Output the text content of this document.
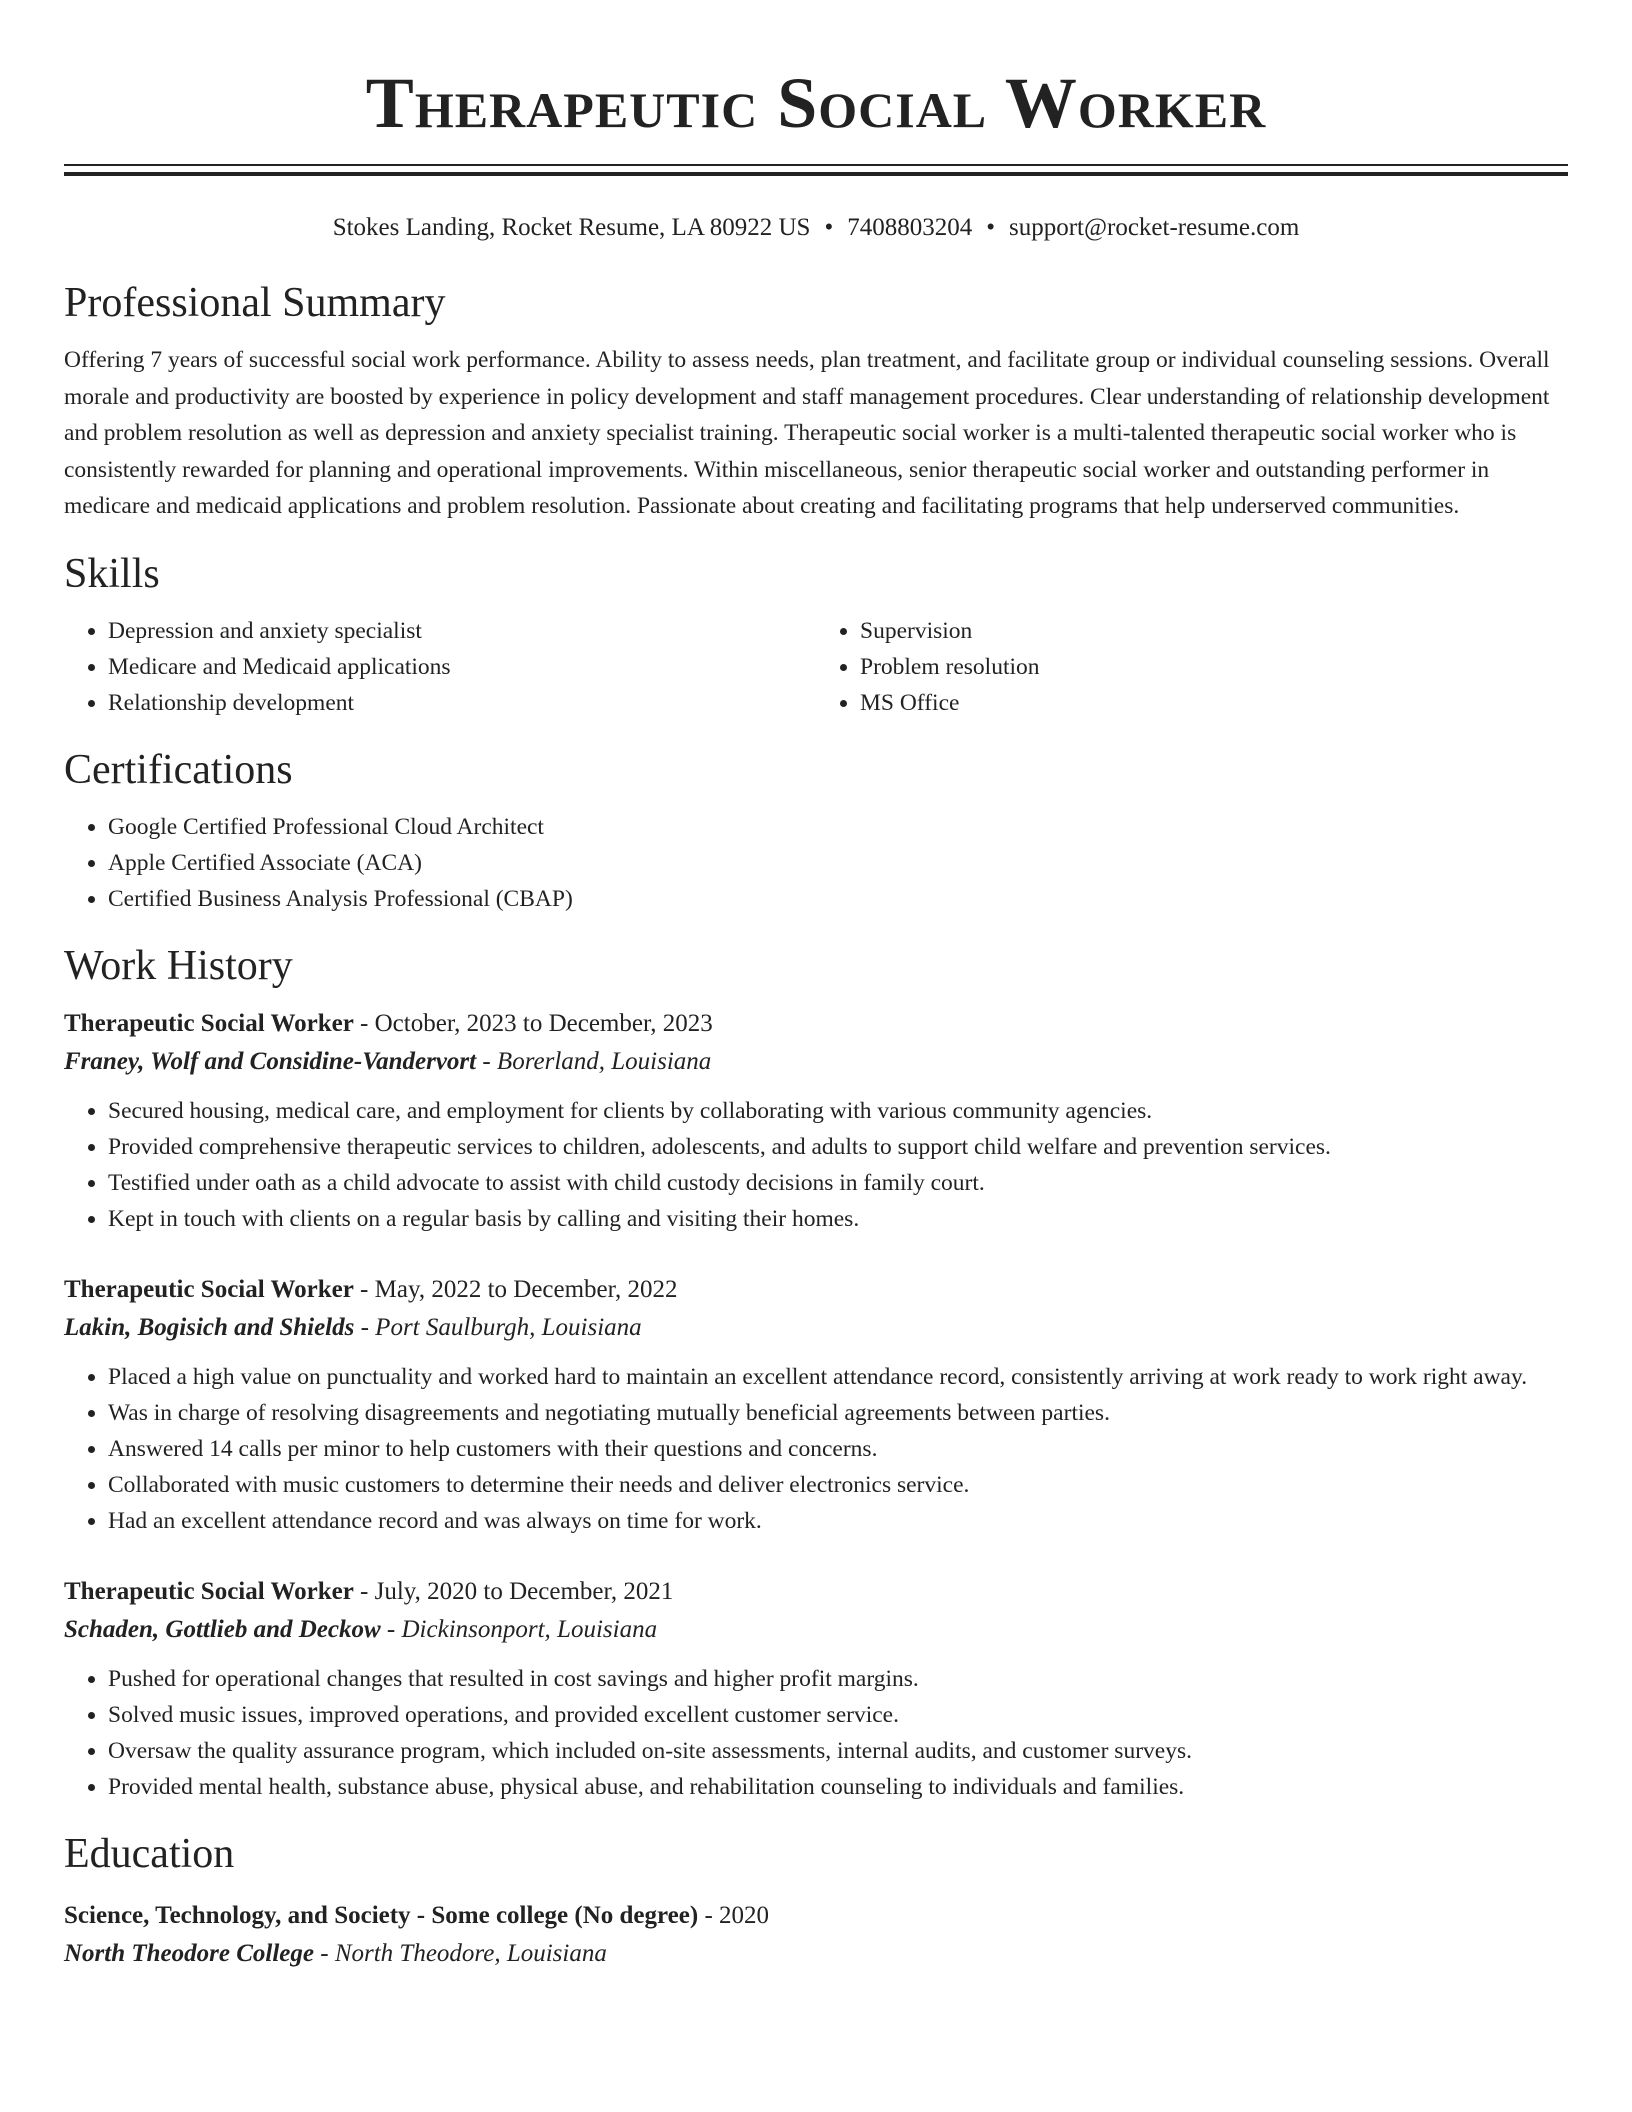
Therapeutic Social Worker
Stokes Landing, Rocket Resume, LA 80922 US • 7408803204 • support@rocket-resume.com
Professional Summary

Offering 7 years of successful social work performance. Ability to assess needs, plan treatment, and facilitate group or individual counseling sessions. Overall morale and productivity are boosted by experience in policy development and staff management procedures. Clear understanding of relationship development and problem resolution as well as depression and anxiety specialist training. Therapeutic social worker is a multi-talented therapeutic social worker who is consistently rewarded for planning and operational improvements. Within miscellaneous, senior therapeutic social worker and outstanding performer in medicare and medicaid applications and problem resolution. Passionate about creating and facilitating programs that help underserved communities.

Skills
• Depression and anxiety specialist
• Medicare and Medicaid applications
• Relationship development
• Supervision
• Problem resolution
• MS Office
Certifications
• Google Certified Professional Cloud Architect
• Apple Certified Associate (ACA)
• Certified Business Analysis Professional (CBAP)
Work History
Therapeutic Social Worker - October, 2023 to December, 2023
Franey, Wolf and Considine-Vandervort - Borerland, Louisiana
• Secured housing, medical care, and employment for clients by collaborating with various community agencies.
• Provided comprehensive therapeutic services to children, adolescents, and adults to support child welfare and prevention services.
• Testified under oath as a child advocate to assist with child custody decisions in family court.
• Kept in touch with clients on a regular basis by calling and visiting their homes.
Therapeutic Social Worker - May, 2022 to December, 2022
Lakin, Bogisich and Shields - Port Saulburgh, Louisiana
• Placed a high value on punctuality and worked hard to maintain an excellent attendance record, consistently arriving at work ready to work right away.
• Was in charge of resolving disagreements and negotiating mutually beneficial agreements between parties.
• Answered 14 calls per minor to help customers with their questions and concerns.
• Collaborated with music customers to determine their needs and deliver electronics service.
• Had an excellent attendance record and was always on time for work.
Therapeutic Social Worker - July, 2020 to December, 2021
Schaden, Gottlieb and Deckow - Dickinsonport, Louisiana
• Pushed for operational changes that resulted in cost savings and higher profit margins.
• Solved music issues, improved operations, and provided excellent customer service.
• Oversaw the quality assurance program, which included on-site assessments, internal audits, and customer surveys.
• Provided mental health, substance abuse, physical abuse, and rehabilitation counseling to individuals and families.
Education
Science, Technology, and Society - Some college (No degree) - 2020
North Theodore College - North Theodore, Louisiana
